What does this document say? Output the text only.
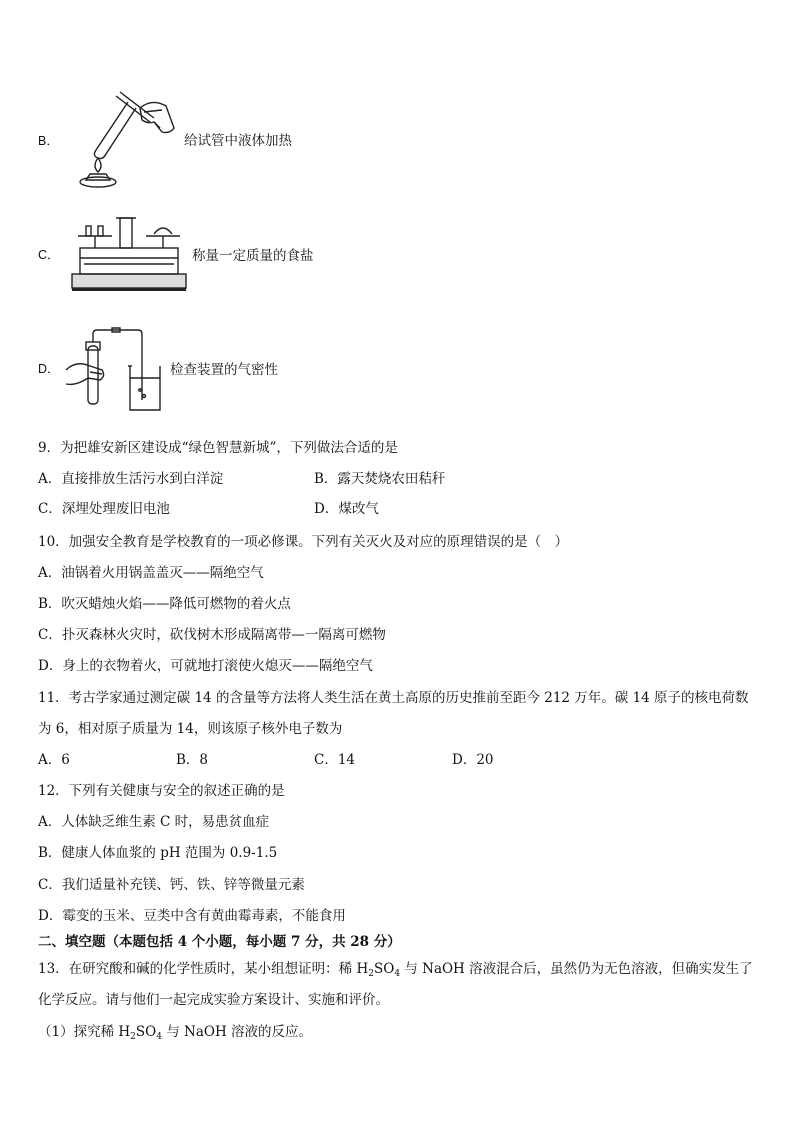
B．	给试管中液体加热
C．	称量一定质量的食盐
D．	检查装置的气密性
9．为把雄安新区建设成“绿色智慧新城”，下列做法合适的是
A．直接排放生活污水到白洋淀	B．露天焚烧农田秸秆
C．深埋处理废旧电池	D．煤改气
10．加强安全教育是学校教育的一项必修课。下列有关灭火及对应的原理错误的是（　）
A．油锅着火用锅盖盖灭——隔绝空气
B．吹灭蜡烛火焰——降低可燃物的着火点
C．扑灭森林火灾时，砍伐树木形成隔离带—一隔离可燃物
D．身上的衣物着火，可就地打滚使火熄灭——隔绝空气
11．考古学家通过测定碳 14 的含量等方法将人类生活在黄土高原的历史推前至距今 212 万年。碳 14 原子的核电荷数
为 6，相对原子质量为 14，则该原子核外电子数为
A．6	B．8	C．14	D．20
12．下列有关健康与安全的叙述正确的是
A．人体缺乏维生素 C 时，易患贫血症
B．健康人体血浆的 pH 范围为 0.9-1.5
C．我们适量补充镁、钙、铁、锌等微量元素
D．霉变的玉米、豆类中含有黄曲霉毒素，不能食用
二、填空题（本题包括 4 个小题，每小题 7 分，共 28 分）
13．在研究酸和碱的化学性质时，某小组想证明：稀 $H_2SO_4$ 与 NaOH 溶液混合后，虽然仍为无色溶液，但确实发生了
化学反应。请与他们一起完成实验方案设计、实施和评价。
（1）探究稀 $H_2SO_4$ 与 NaOH 溶液的反应。
